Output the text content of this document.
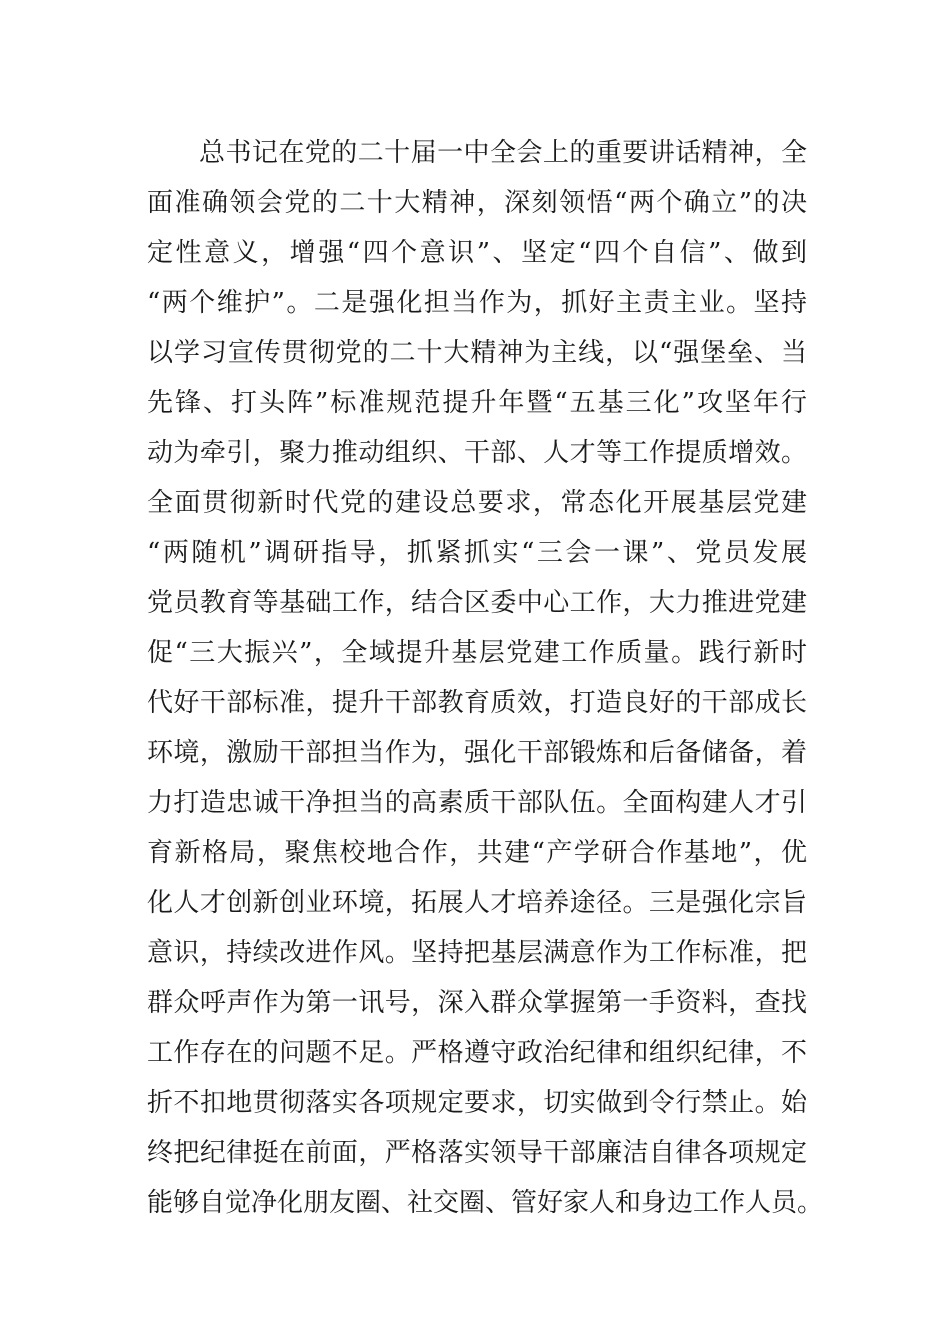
总书记在党的二十届一中全会上的重要讲话精神，全
面准确领会党的二十大精神，深刻领悟“两个确立”的决
定性意义，增强“四个意识”、坚定“四个自信”、做到
“两个维护”。二是强化担当作为，抓好主责主业。坚持
以学习宣传贯彻党的二十大精神为主线，以“强堡垒、当
先锋、打头阵”标准规范提升年暨“五基三化”攻坚年行
动为牵引，聚力推动组织、干部、人才等工作提质增效。
全面贯彻新时代党的建设总要求，常态化开展基层党建
“两随机”调研指导，抓紧抓实“三会一课”、党员发展
党员教育等基础工作，结合区委中心工作，大力推进党建
促“三大振兴”，全域提升基层党建工作质量。践行新时
代好干部标准，提升干部教育质效，打造良好的干部成长
环境，激励干部担当作为，强化干部锻炼和后备储备，着
力打造忠诚干净担当的高素质干部队伍。全面构建人才引
育新格局，聚焦校地合作，共建“产学研合作基地”，优
化人才创新创业环境，拓展人才培养途径。三是强化宗旨
意识，持续改进作风。坚持把基层满意作为工作标准，把
群众呼声作为第一讯号，深入群众掌握第一手资料，查找
工作存在的问题不足。严格遵守政治纪律和组织纪律，不
折不扣地贯彻落实各项规定要求，切实做到令行禁止。始
终把纪律挺在前面，严格落实领导干部廉洁自律各项规定
能够自觉净化朋友圈、社交圈、管好家人和身边工作人员。
